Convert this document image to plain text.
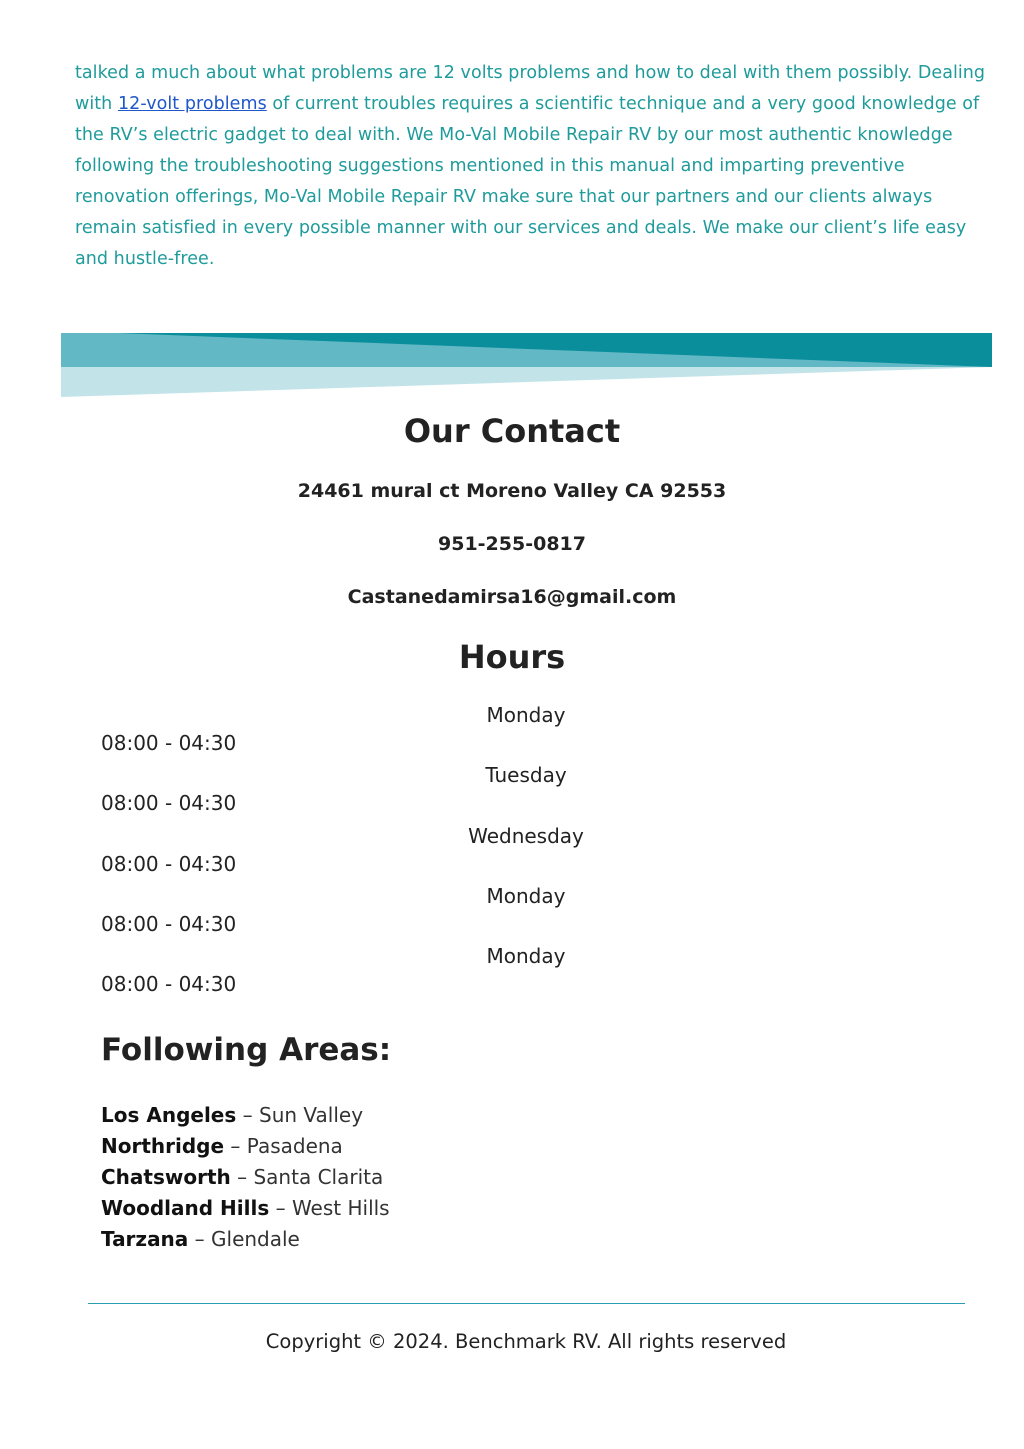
talked a much about what problems are 12 volts problems and how to deal with them possibly. Dealing with 12-volt problems of current troubles requires a scientific technique and a very good knowledge of the RV’s electric gadget to deal with. We Mo-Val Mobile Repair RV by our most authentic knowledge following the troubleshooting suggestions mentioned in this manual and imparting preventive renovation offerings, Mo-Val Mobile Repair RV make sure that our partners and our clients always remain satisfied in every possible manner with our services and deals. We make our client’s life easy and hustle-free.

Our Contact

24461 mural ct Moreno Valley CA 92553

951-255-0817

Castanedamirsa16@gmail.com

Hours
Monday
08:00 - 04:30
Tuesday
08:00 - 04:30
Wednesday
08:00 - 04:30
Monday
08:00 - 04:30
Monday
08:00 - 04:30
Following Areas:
Los Angeles – Sun Valley
Northridge – Pasadena
Chatsworth – Santa Clarita
Woodland Hills – West Hills
Tarzana – Glendale
Copyright © 2024. Benchmark RV. All rights reserved
